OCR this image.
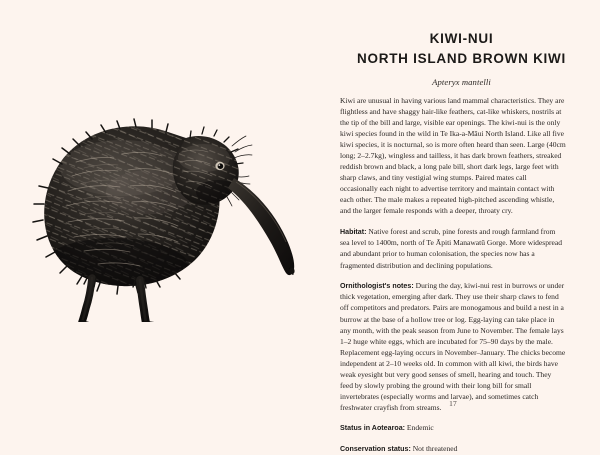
KIWI-NUI
NORTH ISLAND BROWN KIWI
Apteryx mantelli

Kiwi are unusual in having various land mammal characteristics. They are flightless and have shaggy hair-like feathers, cat-like whiskers, nostrils at the tip of the bill and large, visible ear openings. The kiwi-nui is the only kiwi species found in the wild in Te Ika-a-Māui North Island. Like all five kiwi species, it is nocturnal, so is more often heard than seen. Large (40cm long; 2–2.7kg), wingless and tailless, it has dark brown feathers, streaked reddish brown and black, a long pale bill, short dark legs, large feet with sharp claws, and tiny vestigial wing stumps. Paired mates call occasionally each night to advertise territory and maintain contact with each other. The male makes a repeated high-pitched ascending whistle, and the larger female responds with a deeper, throaty cry.

Habitat: Native forest and scrub, pine forests and rough farmland from sea level to 1400m, north of Te Āpiti Manawatū Gorge. More widespread and abundant prior to human colonisation, the species now has a fragmented distribution and declining populations.

Ornithologist's notes: During the day, kiwi-nui rest in burrows or under thick vegetation, emerging after dark. They use their sharp claws to fend off competitors and predators. Pairs are monogamous and build a nest in a burrow at the base of a hollow tree or log. Egg-laying can take place in any month, with the peak season from June to November. The female lays 1–2 huge white eggs, which are incubated for 75–90 days by the male. Replacement egg-laying occurs in November–January. The chicks become independent at 2–10 weeks old. In common with all kiwi, the birds have weak eyesight but very good senses of smell, hearing and touch. They feed by slowly probing the ground with their long bill for small invertebrates (especially worms and larvae), and sometimes catch freshwater crayfish from streams.

Status in Aotearoa: Endemic

Conservation status: Not threatened

17
